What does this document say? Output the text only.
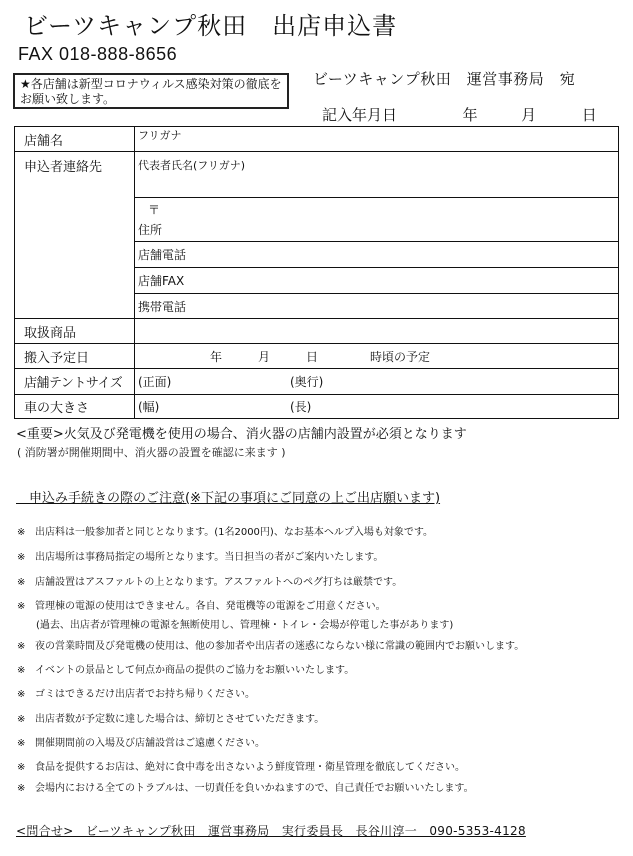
ビーツキャンプ秋田　出店申込書
FAX 018-888-8656
★各店舗は新型コロナウィルス感染対策の徹底をお願い致します。
ビーツキャンプ秋田　運営事務局　宛
記入年月日	年	月	日
店舗名	フリガナ
申込者連絡先	代表者氏名(フリガナ)

	〒
住所

	店舗電話
	店舗FAX
	携帯電話
取扱商品	
搬入予定日	年 月 日 時頃の予定
店舗テントサイズ	(正面) (奥行)
車の大きさ	(幅) (長)
<重要>火気及び発電機を使用の場合、消火器の店舗内設置が必須となります
( 消防署が開催期間中、消火器の設置を確認に来ます )
　申込み手続きの際のご注意(※下記の事項にご同意の上ご出店願います)
※ 出店料は一般参加者と同じとなります。(1名2000円)、なお基本ヘルプ入場も対象です。
※ 出店場所は事務局指定の場所となります。当日担当の者がご案内いたします。
※ 店舗設置はアスファルトの上となります。アスファルトへのペグ打ちは厳禁です。
※ 管理棟の電源の使用はできません。各自、発電機等の電源をご用意ください。
(過去、出店者が管理棟の電源を無断使用し、管理棟・トイレ・会場が停電した事があります)
※ 夜の営業時間及び発電機の使用は、他の参加者や出店者の迷惑にならない様に常識の範囲内でお願いします。
※ イベントの景品として何点か商品の提供のご協力をお願いいたします。
※ ゴミはできるだけ出店者でお持ち帰りください。
※ 出店者数が予定数に達した場合は、締切とさせていただきます。
※ 開催期間前の入場及び店舗設営はご遠慮ください。
※ 食品を提供するお店は、絶対に食中毒を出さないよう鮮度管理・衛星管理を徹底してください。
※ 会場内における全てのトラブルは、一切責任を負いかねますので、自己責任でお願いいたします。
<問合せ>　ビーツキャンプ秋田　運営事務局　実行委員長　長谷川淳一　090-5353-4128
